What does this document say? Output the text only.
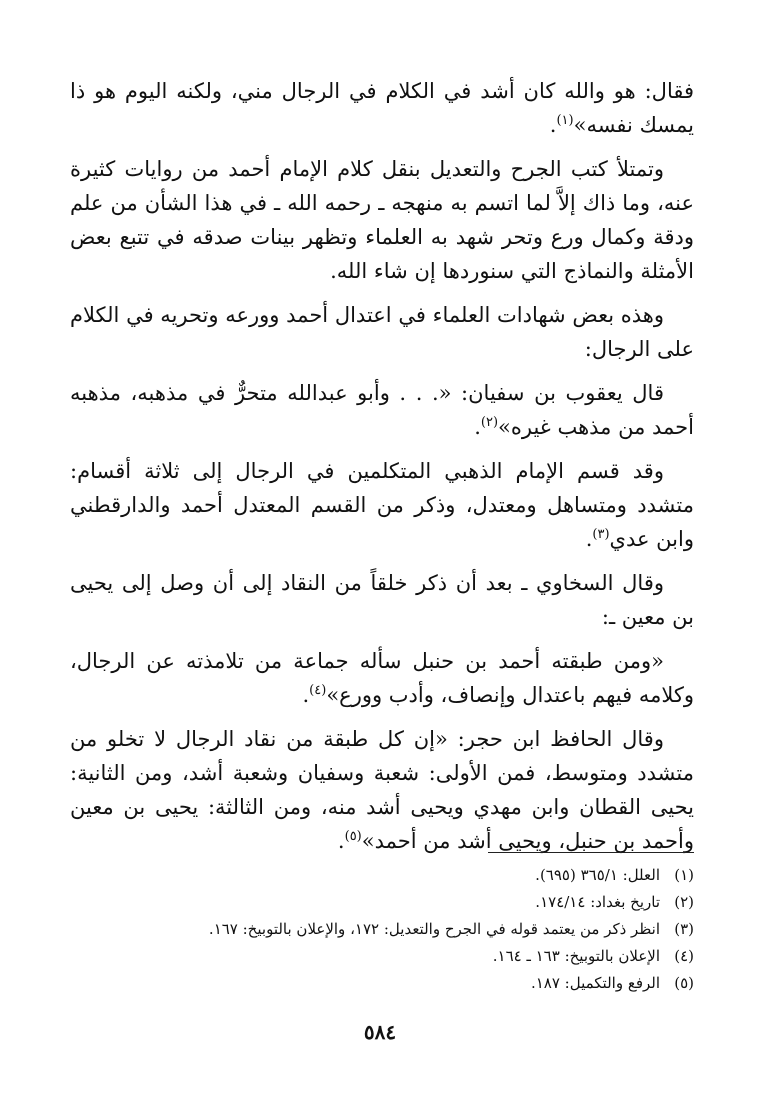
فقال: هو والله كان أشد في الكلام في الرجال مني، ولكنه اليوم هو ذا يمسك نفسه»$^{(١)}$.

وتمتلأ كتب الجرح والتعديل بنقل كلام الإمام أحمد من روايات كثيرة عنه، وما ذاك إلاَّ لما اتسم به منهجه ـ رحمه الله ـ في هذا الشأن من علم ودقة وكمال ورع وتحر شهد به العلماء وتظهر بينات صدقه في تتبع بعض الأمثلة والنماذج التي سنوردها إن شاء الله.

وهذه بعض شهادات العلماء في اعتدال أحمد وورعه وتحريه في الكلام على الرجال:

قال يعقوب بن سفيان: «. . . وأبو عبدالله متحرٌّ في مذهبه، مذهبه أحمد من مذهب غيره»$^{(٢)}$.

وقد قسم الإمام الذهبي المتكلمين في الرجال إلى ثلاثة أقسام: متشدد ومتساهل ومعتدل، وذكر من القسم المعتدل أحمد والدارقطني وابن عدي$^{(٣)}$.

وقال السخاوي ـ بعد أن ذكر خلقاً من النقاد إلى أن وصل إلى يحيى بن معين ـ:

«ومن طبقته أحمد بن حنبل سأله جماعة من تلامذته عن الرجال، وكلامه فيهم باعتدال وإنصاف، وأدب وورع»$^{(٤)}$.

وقال الحافظ ابن حجر: «إن كل طبقة من نقاد الرجال لا تخلو من متشدد ومتوسط، فمن الأولى: شعبة وسفيان وشعبة أشد، ومن الثانية: يحيى القطان وابن مهدي ويحيى أشد منه، ومن الثالثة: يحيى بن معين وأحمد بن حنبل، ويحيى أشد من أحمد»$^{(٥)}$.

(١)
العلل: ٣٦٥/١ (٦٩٥).
(٢)
تاريخ بغداد: ١٧٤/١٤.
(٣)
انظر ذكر من يعتمد قوله في الجرح والتعديل: ١٧٢، والإعلان بالتوبيخ: ١٦٧.
(٤)
الإعلان بالتوبيخ: ١٦٣ ـ ١٦٤.
(٥)
الرفع والتكميل: ١٨٧.
٥٨٤
